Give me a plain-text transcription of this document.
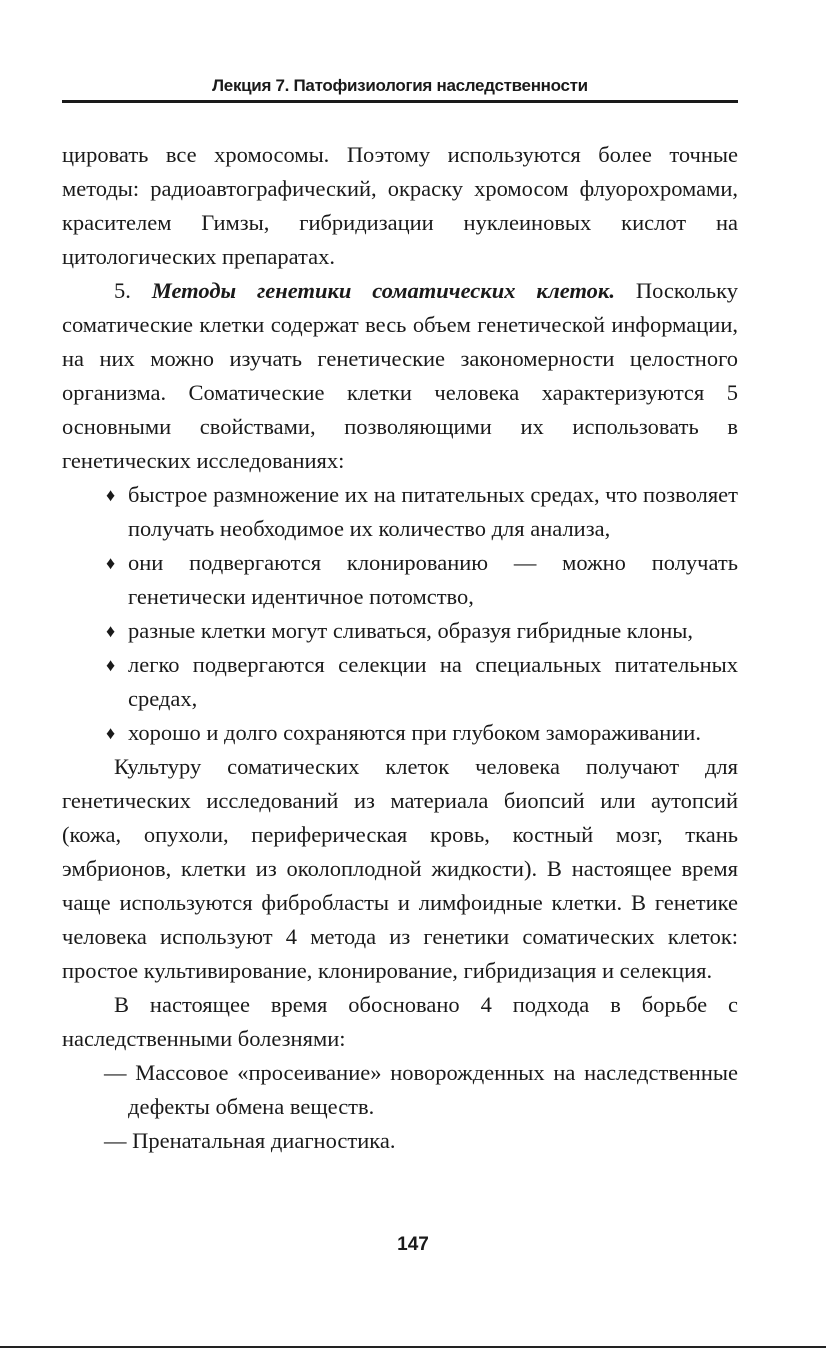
Лекция 7. Патофизиология наследственности

цировать все хромосомы. Поэтому используются более точные методы: радиоавтографический, окраску хромосом флуорохромами, красителем Гимзы, гибридизации нуклеиновых кислот на цитологических препаратах.

5. Методы генетики соматических клеток. Поскольку соматические клетки содержат весь объем генетической информации, на них можно изучать генетические закономерности целостного организма. Соматические клетки человека характеризуются 5 основными свойствами, позволяющими их использовать в генетических исследованиях:

♦ быстрое размножение их на питательных средах, что позволяет получать необходимое их количество для анализа,
♦ они подвергаются клонированию — можно получать генетически идентичное потомство,
♦ разные клетки могут сливаться, образуя гибридные клоны,
♦ легко подвергаются селекции на специальных питательных средах,
♦ хорошо и долго сохраняются при глубоком замораживании.

Культуру соматических клеток человека получают для генетических исследований из материала биопсий или аутопсий (кожа, опухоли, периферическая кровь, костный мозг, ткань эмбрионов, клетки из околоплодной жидкости). В настоящее время чаще используются фибробласты и лимфоидные клетки. В генетике человека используют 4 метода из генетики соматических клеток: простое культивирование, клонирование, гибридизация и селекция.

В настоящее время обосновано 4 подхода в борьбе с наследственными болезнями:

— Массовое «просеивание» новорожденных на наследственные дефекты обмена веществ.
— Пренатальная диагностика.
147
